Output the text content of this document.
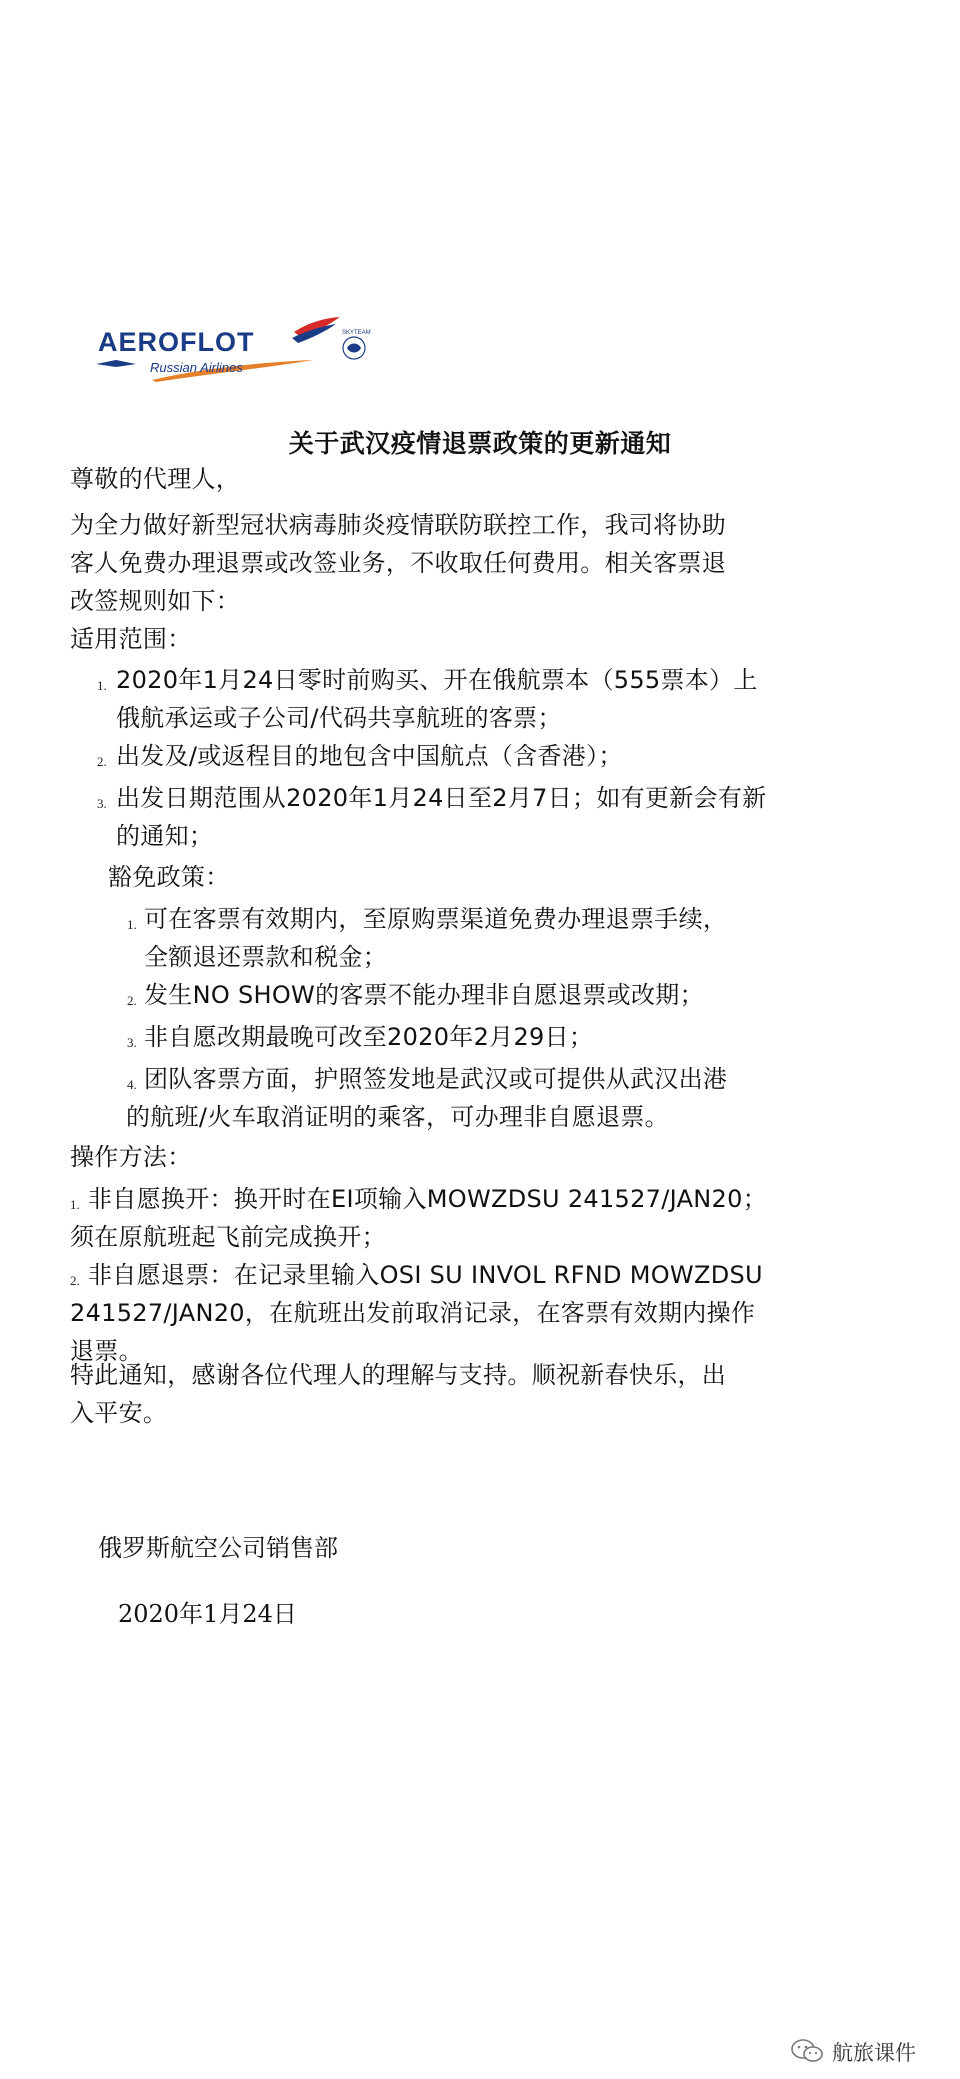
SKYTEAM
AEROFLOT
Russian Airlines
关于武汉疫情退票政策的更新通知
尊敬的代理人，
为全力做好新型冠状病毒肺炎疫情联防联控工作，我司将协助
客人免费办理退票或改签业务，不收取任何费用。相关客票退
改签规则如下：
适用范围：
1. 2020年1月24日零时前购买、开在俄航票本（555票本）上
俄航承运或子公司/代码共享航班的客票；
2. 出发及/或返程目的地包含中国航点（含香港）；
3. 出发日期范围从2020年1月24日至2月7日；如有更新会有新
的通知；
豁免政策：
1. 可在客票有效期内，至原购票渠道免费办理退票手续，
全额退还票款和税金；
2. 发生NO SHOW的客票不能办理非自愿退票或改期；
3. 非自愿改期最晚可改至2020年2月29日；
4. 团队客票方面，护照签发地是武汉或可提供从武汉出港
的航班/火车取消证明的乘客，可办理非自愿退票。
操作方法：
1. 非自愿换开：换开时在EI项输入MOWZDSU 241527/JAN20；
须在原航班起飞前完成换开；
2. 非自愿退票：在记录里输入OSI SU INVOL RFND MOWZDSU
241527/JAN20，在航班出发前取消记录，在客票有效期内操作
退票。
特此通知，感谢各位代理人的理解与支持。顺祝新春快乐，出
入平安。
俄罗斯航空公司销售部
2020年1月24日
航旅课件
